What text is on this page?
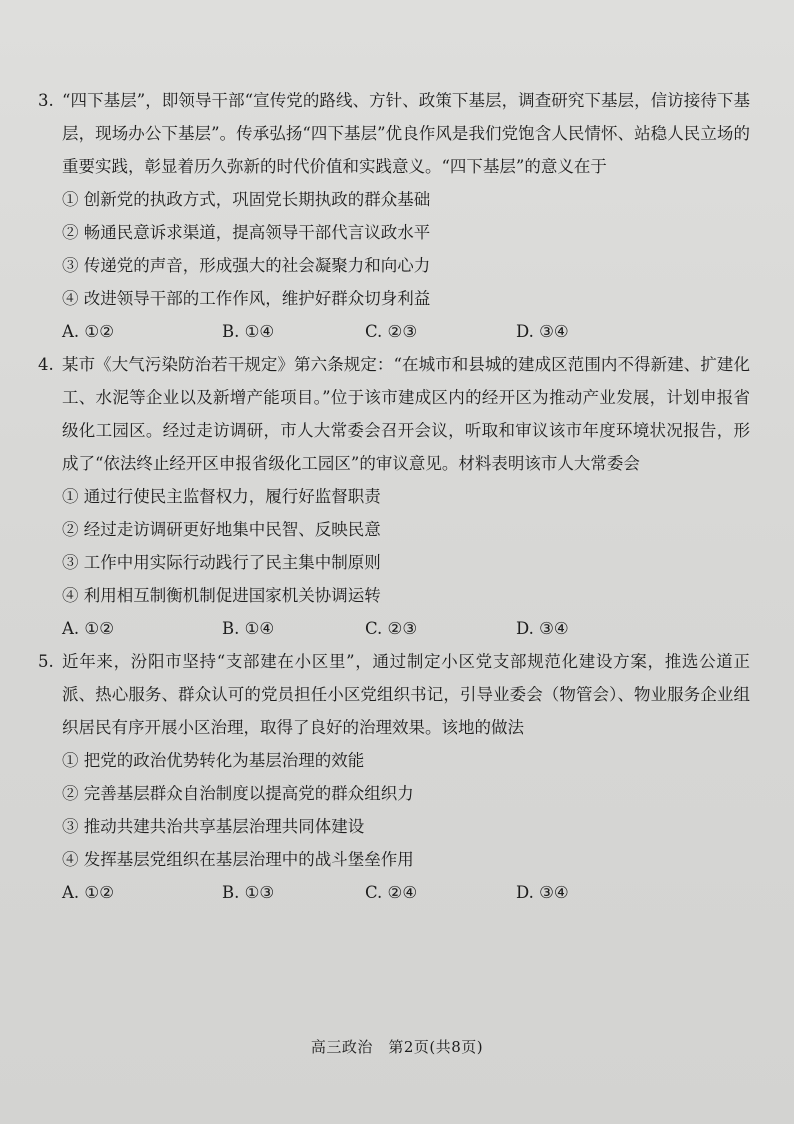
3. “四下基层”，即领导干部“宣传党的路线、方针、政策下基层，调查研究下基层，信访接待下基层，现场办公下基层”。传承弘扬“四下基层”优良作风是我们党饱含人民情怀、站稳人民立场的重要实践，彰显着历久弥新的时代价值和实践意义。“四下基层”的意义在于
① 创新党的执政方式，巩固党长期执政的群众基础
② 畅通民意诉求渠道，提高领导干部代言议政水平
③ 传递党的声音，形成强大的社会凝聚力和向心力
④ 改进领导干部的工作作风，维护好群众切身利益
A. ①②	B. ①④	C. ②③	D. ③④
4. 某市《大气污染防治若干规定》第六条规定：“在城市和县城的建成区范围内不得新建、扩建化工、水泥等企业以及新增产能项目。”位于该市建成区内的经开区为推动产业发展，计划申报省级化工园区。经过走访调研，市人大常委会召开会议，听取和审议该市年度环境状况报告，形成了“依法终止经开区申报省级化工园区”的审议意见。材料表明该市人大常委会
① 通过行使民主监督权力，履行好监督职责
② 经过走访调研更好地集中民智、反映民意
③ 工作中用实际行动践行了民主集中制原则
④ 利用相互制衡机制促进国家机关协调运转
A. ①②	B. ①④	C. ②③	D. ③④
5. 近年来，汾阳市坚持“支部建在小区里”，通过制定小区党支部规范化建设方案，推选公道正派、热心服务、群众认可的党员担任小区党组织书记，引导业委会（物管会）、物业服务企业组织居民有序开展小区治理，取得了良好的治理效果。该地的做法
① 把党的政治优势转化为基层治理的效能
② 完善基层群众自治制度以提高党的群众组织力
③ 推动共建共治共享基层治理共同体建设
④ 发挥基层党组织在基层治理中的战斗堡垒作用
A. ①②	B. ①③	C. ②④	D. ③④
高三政治　第2页(共8页)
